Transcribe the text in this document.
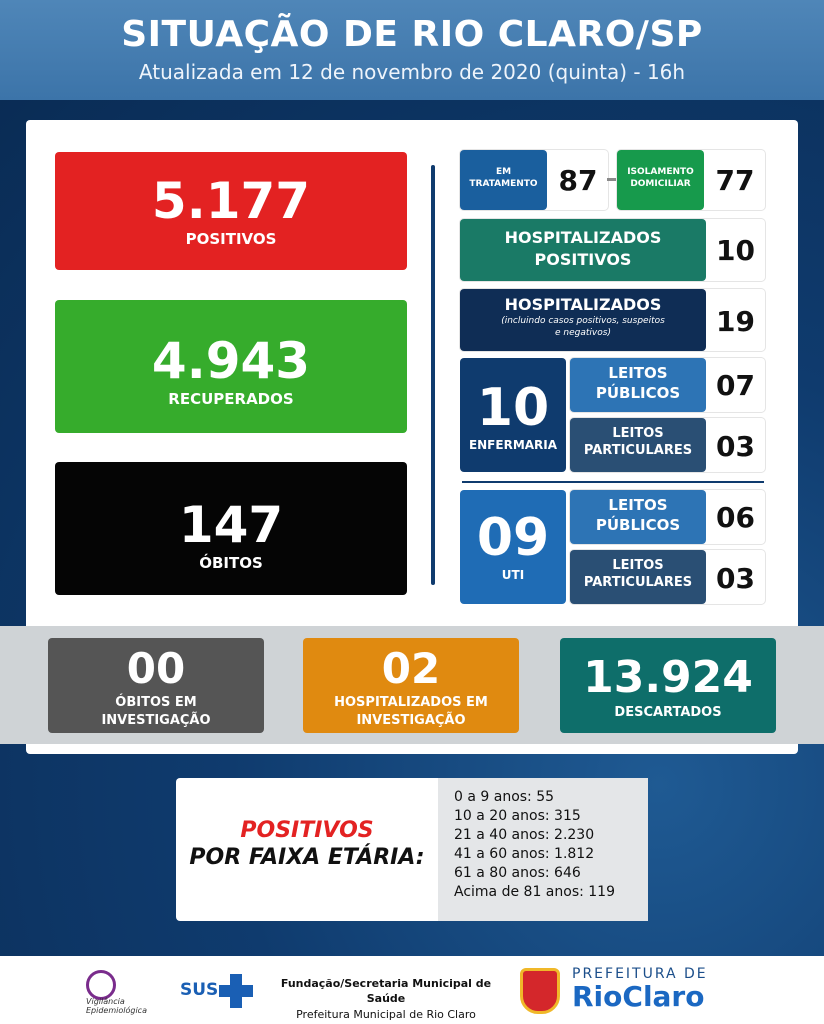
SITUAÇÃO DE RIO CLARO/SP
Atualizada em 12 de novembro de 2020 (quinta) - 16h
5.177
POSITIVOS
4.943
RECUPERADOS
147
ÓBITOS
EM
TRATAMENTO 87	ISOLAMENTO
DOMICILIAR 77
HOSPITALIZADOS
POSITIVOS	10
HOSPITALIZADOS
(incluindo casos positivos, suspeitos
e negativos)	19
10
ENFERMARIA
LEITOS
PÚBLICOS	07
LEITOS
PARTICULARES 03
09
UTI
LEITOS
PÚBLICOS	06
LEITOS
PARTICULARES 03
00
ÓBITOS EM
INVESTIGAÇÃO
02
HOSPITALIZADOS EM
INVESTIGAÇÃO
13.924
DESCARTADOS
POSITIVOS
POR FAIXA ETÁRIA:
0 a 9 anos: 55
10 a 20 anos: 315
21 a 40 anos: 2.230
41 a 60 anos: 1.812
61 a 80 anos: 646
Acima de 81 anos: 119
Vigilância
Epidemiológica
SUS	Fundação/Secretaria Municipal de Saúde
Prefeitura Municipal de Rio Claro
PREFEITURA DE
RioClaro
